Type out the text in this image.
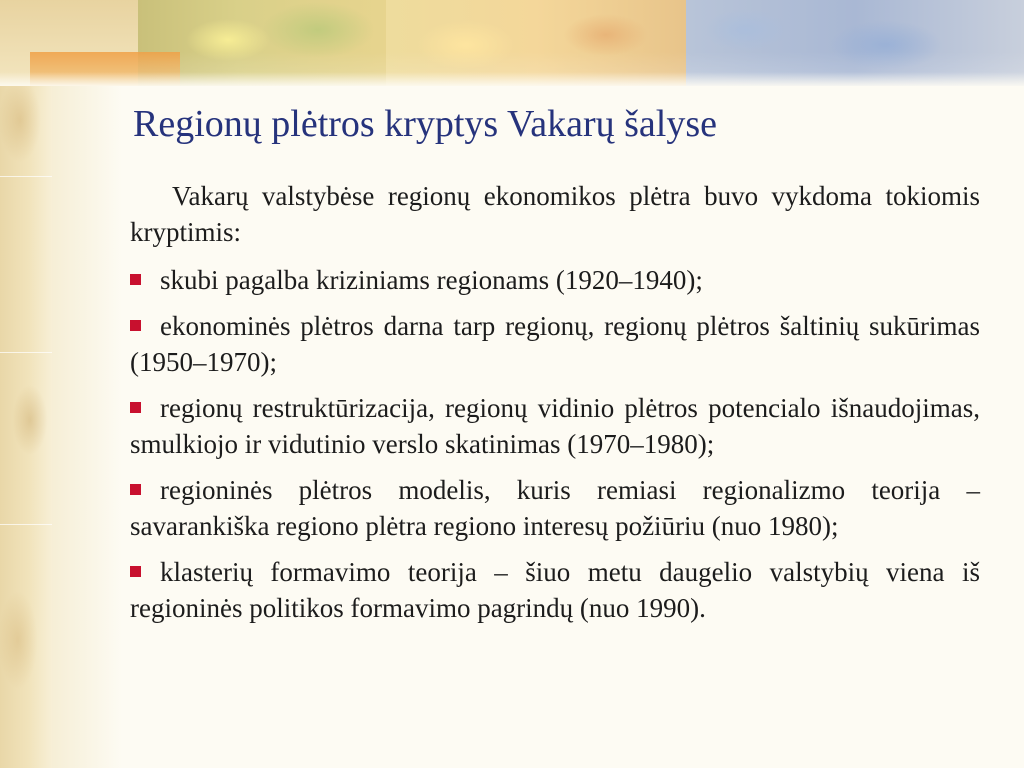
Regionų plėtros kryptys Vakarų šalyse

Vakarų valstybėse regionų ekonomikos plėtra buvo vykdoma tokiomis kryptimis:

skubi pagalba kriziniams regionams (1920–1940);

ekonominės plėtros darna tarp regionų, regionų plėtros šaltinių sukūrimas (1950–1970);

regionų restruktūrizacija, regionų vidinio plėtros potencialo išnaudojimas, smulkiojo ir vidutinio verslo skatinimas (1970–1980);

regioninės plėtros modelis, kuris remiasi regionalizmo teorija – savarankiška regiono plėtra regiono interesų požiūriu (nuo 1980);

klasterių formavimo teorija – šiuo metu daugelio valstybių viena iš regioninės politikos formavimo pagrindų (nuo 1990).
